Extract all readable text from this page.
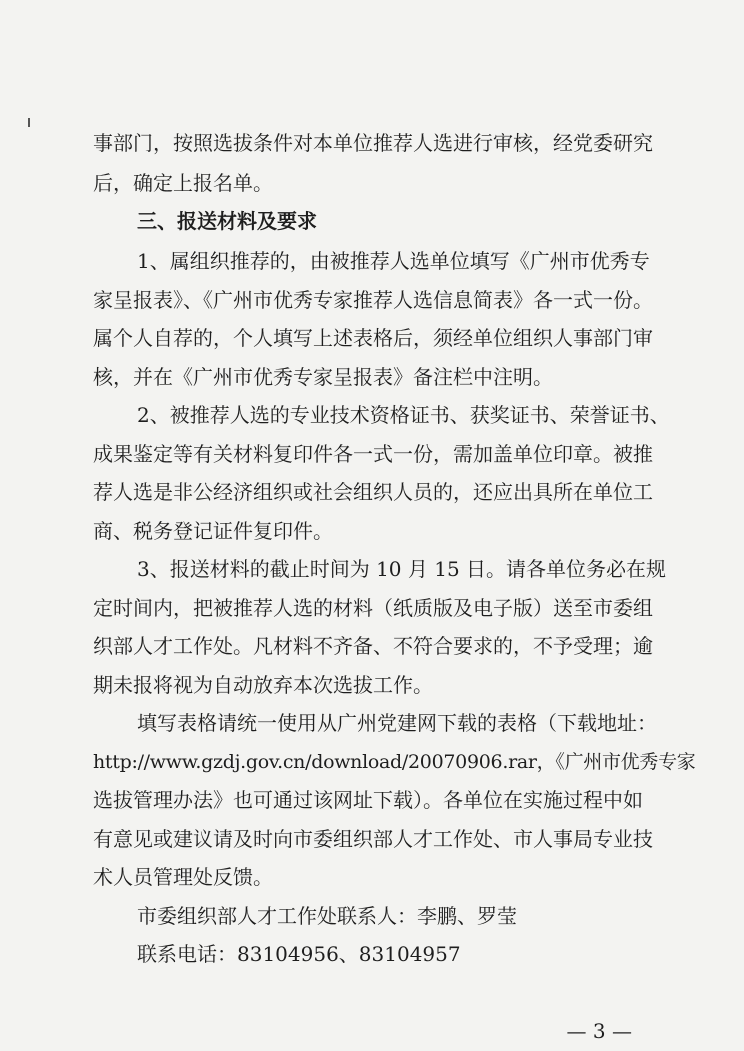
事部门，按照选拔条件对本单位推荐人选进行审核，经党委研究
后，确定上报名单。
三、报送材料及要求
1、属组织推荐的，由被推荐人选单位填写《广州市优秀专
家呈报表》、《广州市优秀专家推荐人选信息简表》各一式一份。
属个人自荐的，个人填写上述表格后，须经单位组织人事部门审
核，并在《广州市优秀专家呈报表》备注栏中注明。
2、被推荐人选的专业技术资格证书、获奖证书、荣誉证书、
成果鉴定等有关材料复印件各一式一份，需加盖单位印章。被推
荐人选是非公经济组织或社会组织人员的，还应出具所在单位工
商、税务登记证件复印件。
3、报送材料的截止时间为 10 月 15 日。请各单位务必在规
定时间内，把被推荐人选的材料（纸质版及电子版）送至市委组
织部人才工作处。凡材料不齐备、不符合要求的，不予受理；逾
期未报将视为自动放弃本次选拔工作。
填写表格请统一使用从广州党建网下载的表格（下载地址：
http://www.gzdj.gov.cn/download/20070906.rar，《广州市优秀专家
选拔管理办法》也可通过该网址下载）。各单位在实施过程中如
有意见或建议请及时向市委组织部人才工作处、市人事局专业技
术人员管理处反馈。
市委组织部人才工作处联系人：李鹏、罗莹
联系电话：83104956、83104957
— 3 —
